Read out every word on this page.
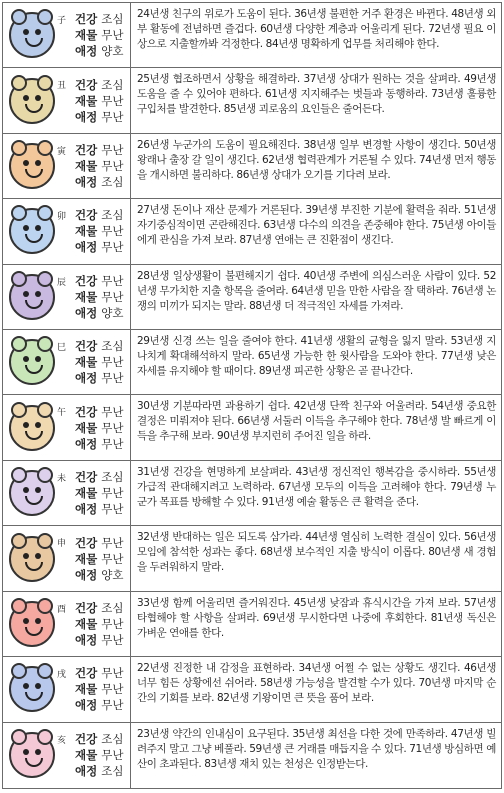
子 건강 조심
재물 무난
애정 양호
24년생 친구의 위로가 도움이 된다. 36년생 불편한 거주 환경은 바뀐다. 48년생 외부 활동에 전념하면 즐겁다. 60년생 다양한 계층과 어울리게 된다. 72년생 필요 이상으로 지출할까봐 걱정한다. 84년생 명확하게 업무를 처리해야 한다.
丑 건강 조심
재물 무난
애정 무난
25년생 협조하면서 상황을 해결하라. 37년생 상대가 원하는 것을 살펴라. 49년생 도움을 줄 수 있어야 편하다. 61년생 지지해주는 벗들과 동행하라. 73년생 훌륭한 구입처를 발견한다. 85년생 괴로움의 요인들은 줄어든다.
寅 건강 무난
재물 무난
애정 조심
26년생 누군가의 도움이 필요해진다. 38년생 일부 변경할 사항이 생긴다. 50년생 왕래나 출장 갈 일이 생긴다. 62년생 협력관계가 거론될 수 있다. 74년생 먼저 행동을 개시하면 불리하다. 86년생 상대가 오기를 기다려 보라.
卯 건강 조심
재물 무난
애정 무난
27년생 돈이나 재산 문제가 거론된다. 39년생 부진한 기분에 활력을 줘라. 51년생 자기중심적이면 곤란해진다. 63년생 다수의 의견을 존중해야 한다. 75년생 아이들에게 관심을 가져 보라. 87년생 연애는 큰 진환점이 생긴다.
辰 건강 무난
재물 무난
애정 양호
28년생 일상생활이 불편해지기 쉽다. 40년생 주변에 의심스러운 사람이 있다. 52년생 무가치한 지출 항목을 줄여라. 64년생 믿을 만한 사람을 잘 택하라. 76년생 논쟁의 미끼가 되지는 말라. 88년생 더 적극적인 자세를 가져라.
巳 건강 조심
재물 무난
애정 무난
29년생 신경 쓰는 일을 줄여야 한다. 41년생 생활의 균형을 잃지 말라. 53년생 지나치게 확대해석하지 말라. 65년생 가능한 한 윗사람을 도와야 한다. 77년생 낮은 자세를 유지해야 할 때이다. 89년생 피곤한 상황은 곧 끝나간다.
午 건강 무난
재물 무난
애정 무난
30년생 기분따라면 과용하기 쉽다. 42년생 단짝 친구와 어울려라. 54년생 중요한 결정은 미뤄져야 된다. 66년생 서둘러 이득을 추구해야 한다. 78년생 발 빠르게 이득을 추구해 보라. 90년생 부지런히 주어진 일을 하라.
未 건강 조심
재물 무난
애정 무난
31년생 건강을 현명하게 보살펴라. 43년생 정신적인 행복감을 중시하라. 55년생 가급적 관대해지려고 노력하라. 67년생 모두의 이득을 고려해야 한다. 79년생 누군가 목표를 방해할 수 있다. 91년생 예술 활동은 큰 활력을 준다.
申 건강 무난
재물 무난
애정 양호
32년생 반대하는 일은 되도록 삼가라. 44년생 열심히 노력한 결실이 있다. 56년생 모임에 참석한 성과는 좋다. 68년생 보수적인 지출 방식이 이롭다. 80년생 새 경험을 두려워하지 말라.
酉 건강 조심
재물 무난
애정 무난
33년생 함께 어울리면 즐거워진다. 45년생 낮잠과 휴식시간을 가져 보라. 57년생 타협해야 할 사항을 살펴라. 69년생 무시한다면 나중에 후회한다. 81년생 독신은 가벼운 연애를 한다.
戌 건강 무난
재물 무난
애정 무난
22년생 진정한 내 감정을 표현하라. 34년생 어쩔 수 없는 상황도 생긴다. 46년생 너무 힘든 상황에선 쉬어라. 58년생 가능성을 발견할 수가 있다. 70년생 마지막 순간의 기회를 보라. 82년생 기왕이면 큰 뜻을 품어 보라.
亥 건강 조심
재물 무난
애정 조심
23년생 약간의 인내심이 요구된다. 35년생 최선을 다한 것에 만족하라. 47년생 빌려주지 말고 그냥 베풀라. 59년생 큰 거래를 매듭지을 수 있다. 71년생 방심하면 예산이 초과된다. 83년생 재치 있는 천성은 인정받는다.
